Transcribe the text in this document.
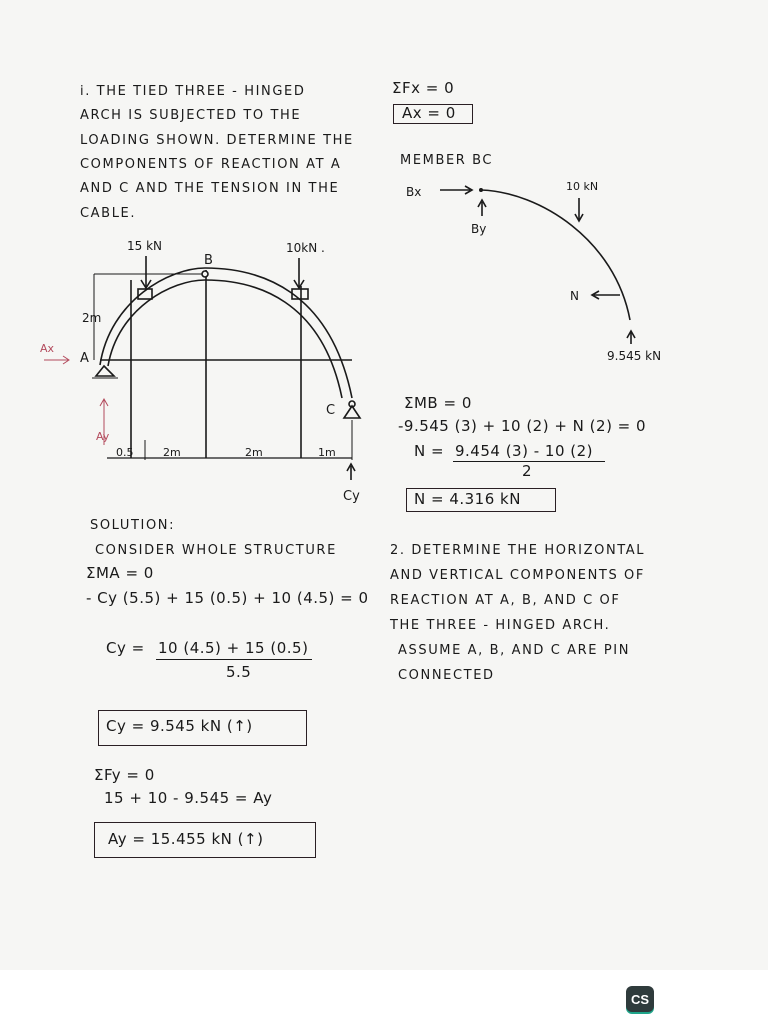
i. THE TIED THREE - HINGED
ARCH IS SUBJECTED TO THE
LOADING SHOWN. DETERMINE THE
COMPONENTS OF REACTION AT A
AND C AND THE TENSION IN THE
CABLE.
ΣFx = 0
Ax = 0
MEMBER BC
15 kN	10kN .
B
2m
A
Ax
Ay
C
0.5	2m	2m	1m
Cy
Bx
By
10 kN
N
9.545 kN
ΣMB = 0
-9.545 (3) + 10 (2) + N (2) = 0
N = 9.454 (3) - 10 (2)
2
N = 4.316 kN
SOLUTION:
CONSIDER WHOLE STRUCTURE
ΣMA = 0
- Cy (5.5) + 15 (0.5) + 10 (4.5) = 0
Cy = 10 (4.5) + 15 (0.5)
5.5
Cy = 9.545 kN (↑)
ΣFy = 0
15 + 10 - 9.545 = Ay
Ay = 15.455 kN (↑)
2. DETERMINE THE HORIZONTAL
AND VERTICAL COMPONENTS OF
REACTION AT A, B, AND C OF
THE THREE - HINGED ARCH.
ASSUME A, B, AND C ARE PIN
CONNECTED
CS
